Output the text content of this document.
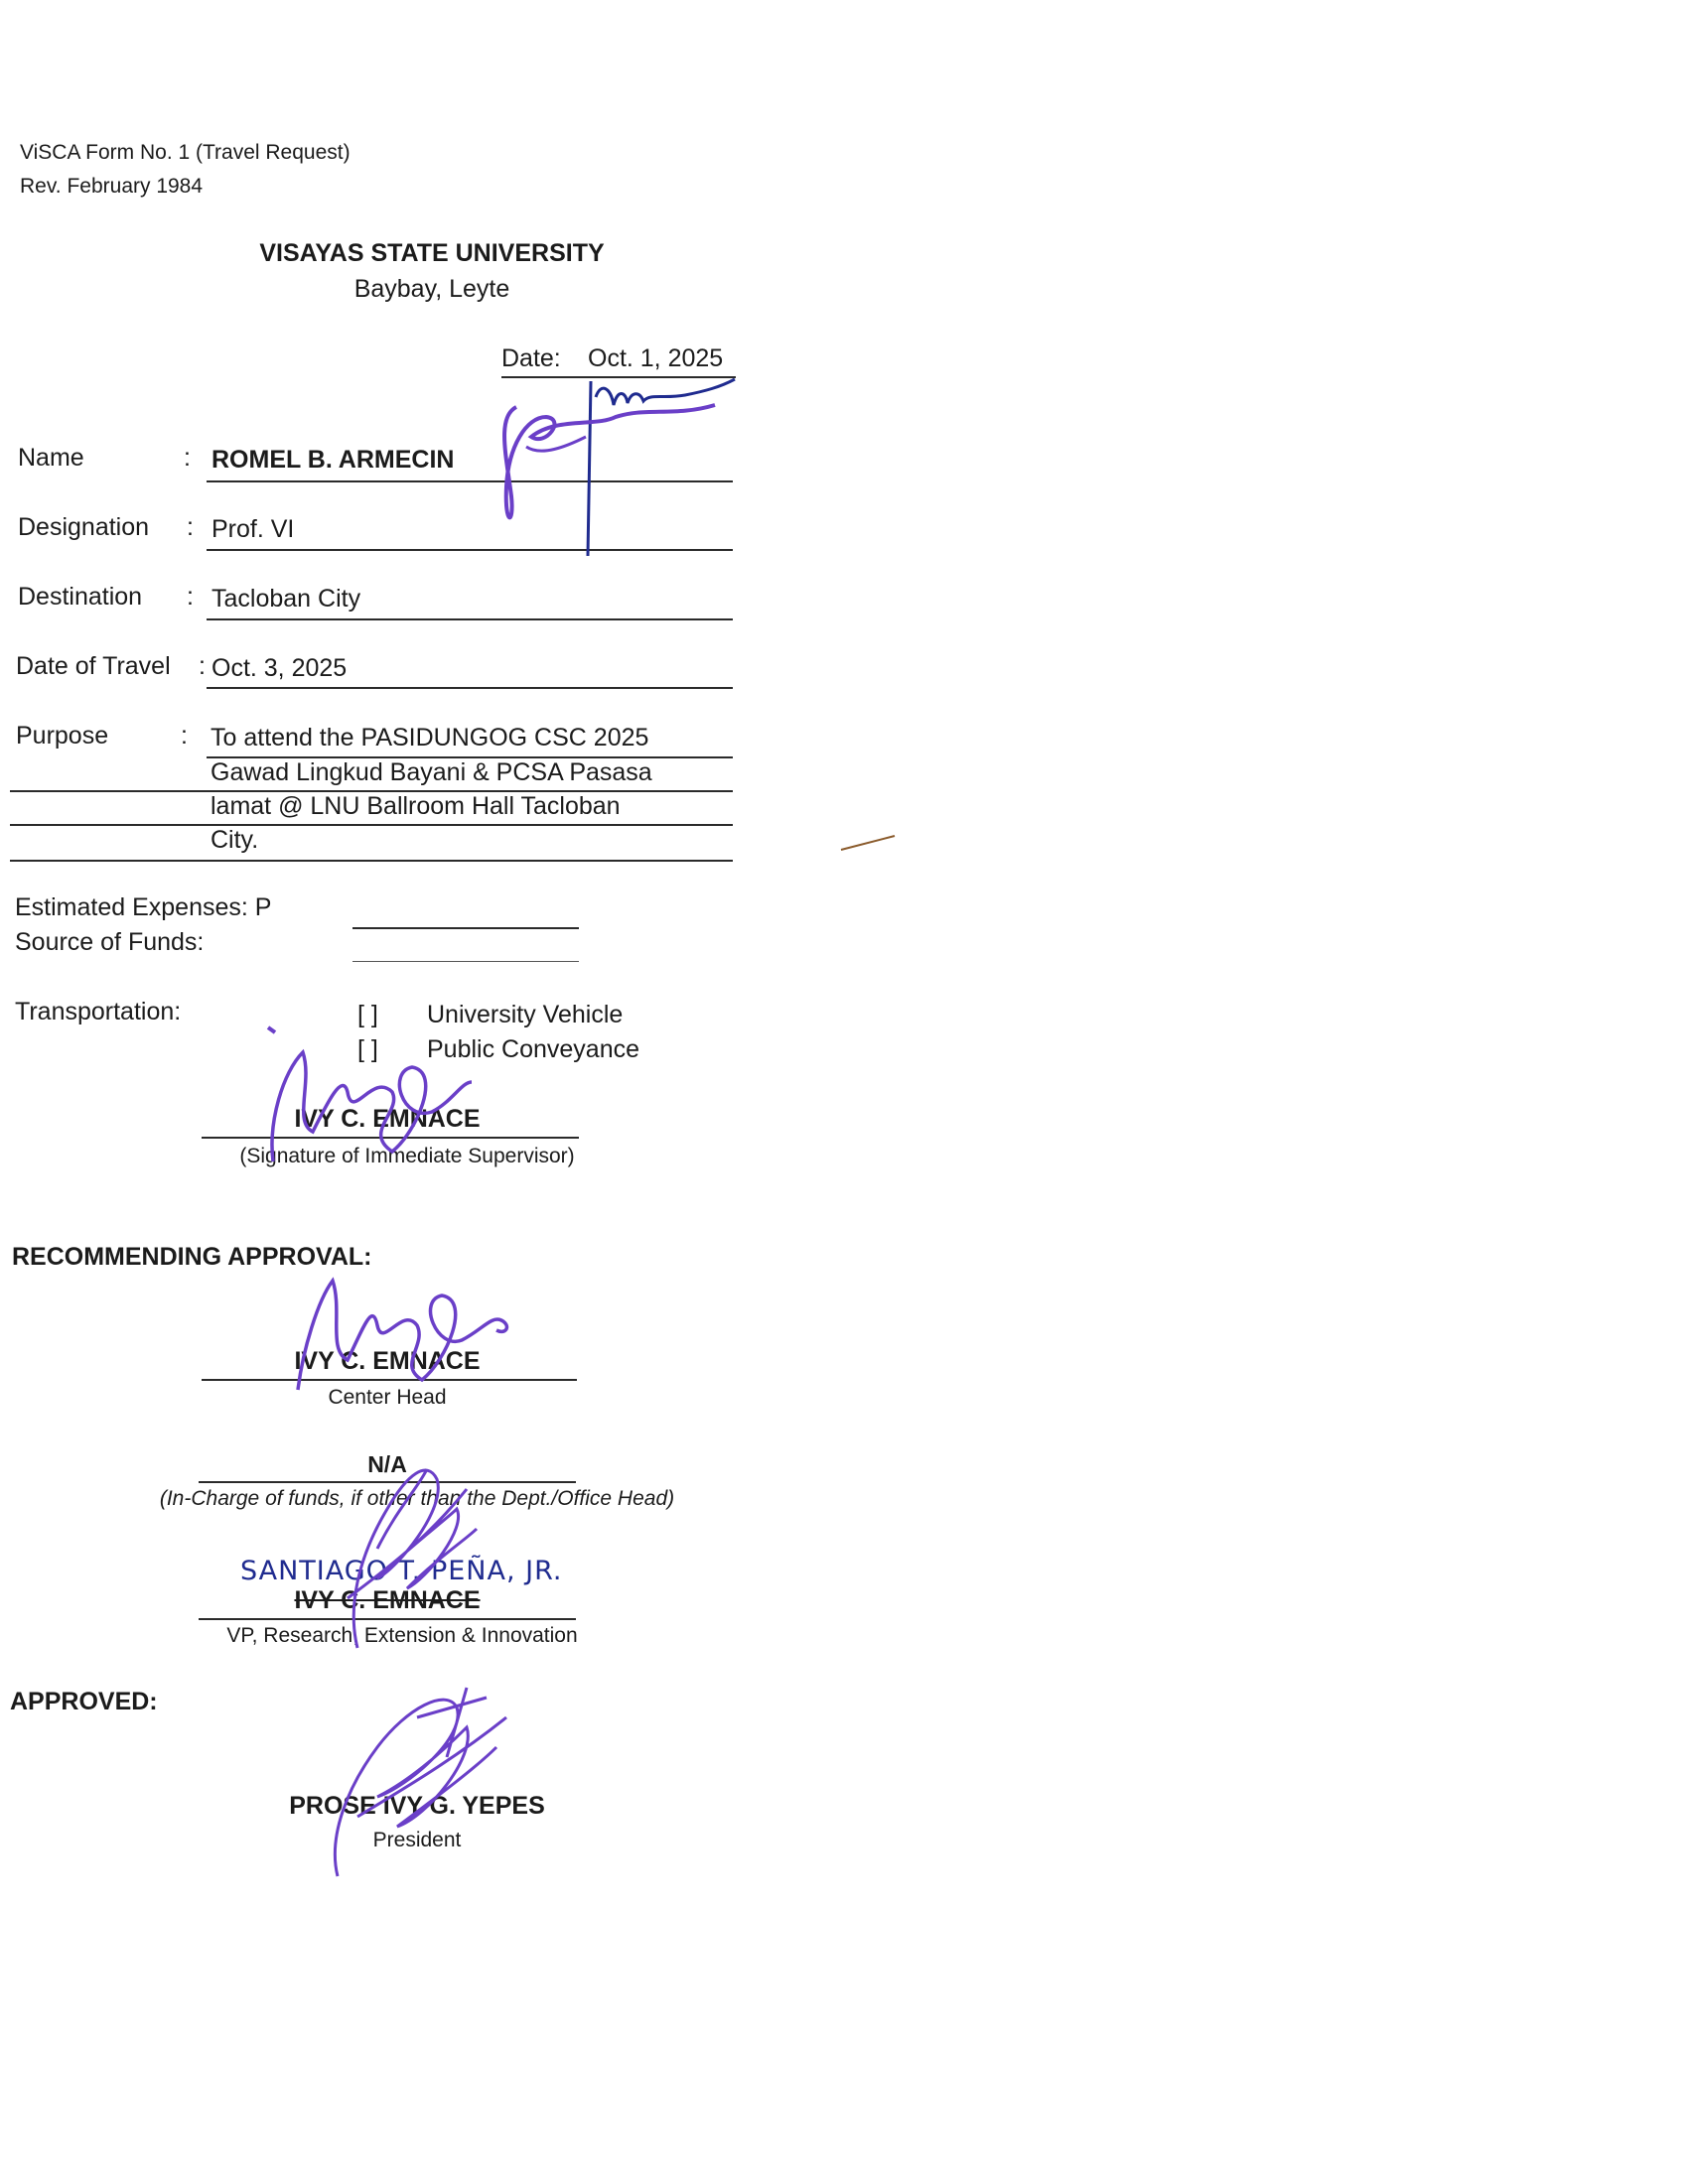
ViSCA Form No. 1 (Travel Request)
Rev. February 1984
VISAYAS STATE UNIVERSITY
Baybay, Leyte
Date: Oct. 1, 2025
Name	: ROMEL B. ARMECIN
Designation : Prof. VI
Destination : Tacloban City
Date of Travel : Oct. 3, 2025
Purpose	: To attend the PASIDUNGOG CSC 2025
Gawad Lingkud Bayani & PCSA Pasasa
lamat @ LNU Ballroom Hall Tacloban
City.
Estimated Expenses: P
Source of Funds:
Transportation:	[ ] University Vehicle
[ ] Public Conveyance
IVY C. EMNACE
(Signature of Immediate Supervisor)
RECOMMENDING APPROVAL:
IVY C. EMNACE
Center Head
N/A
(In-Charge of funds, if other than the Dept./Office Head)
SANTIAGO T. PEÑA, JR.
IVY C. EMNACE
VP, Research, Extension & Innovation
APPROVED:
PROSE IVY G. YEPES
President
